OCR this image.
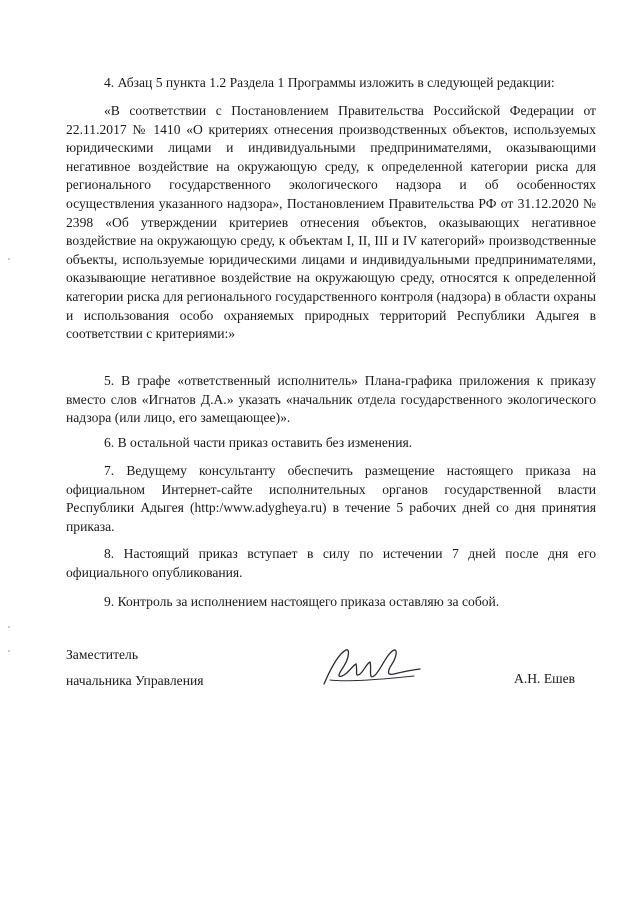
4. Абзац 5 пункта 1.2 Раздела 1 Программы изложить в следующей редакции:

«В соответствии с Постановлением Правительства Российской Федерации от 22.11.2017 № 1410 «О критериях отнесения производственных объектов, используемых юридическими лицами и индивидуальными предпринимателями, оказывающими негативное воздействие на окружающую среду, к определенной категории риска для регионального государственного экологического надзора и об особенностях осуществления указанного надзора», Постановлением Правительства РФ от 31.12.2020 № 2398 «Об утверждении критериев отнесения объектов, оказывающих негативное воздействие на окружающую среду, к объектам I, II, III и IV категорий» производственные объекты, используемые юридическими лицами и индивидуальными предпринимателями, оказывающие негативное воздействие на окружающую среду, относятся к определенной категории риска для регионального государственного контроля (надзора) в области охраны и использования особо охраняемых природных территорий Республики Адыгея в соответствии с критериями:»

5. В графе «ответственный исполнитель» Плана-графика приложения к приказу вместо слов «Игнатов Д.А.» указать «начальник отдела государственного экологического надзора (или лицо, его замещающее)».

6. В остальной части приказ оставить без изменения.

7. Ведущему консультанту обеспечить размещение настоящего приказа на официальном Интернет-сайте исполнительных органов государственной власти Республики Адыгея (http:/www.adygheya.ru) в течение 5 рабочих дней со дня принятия приказа.

8. Настоящий приказ вступает в силу по истечении 7 дней после дня его официального опубликования.

9. Контроль за исполнением настоящего приказа оставляю за собой.

Заместитель

начальника Управления	А.Н. Ешев
